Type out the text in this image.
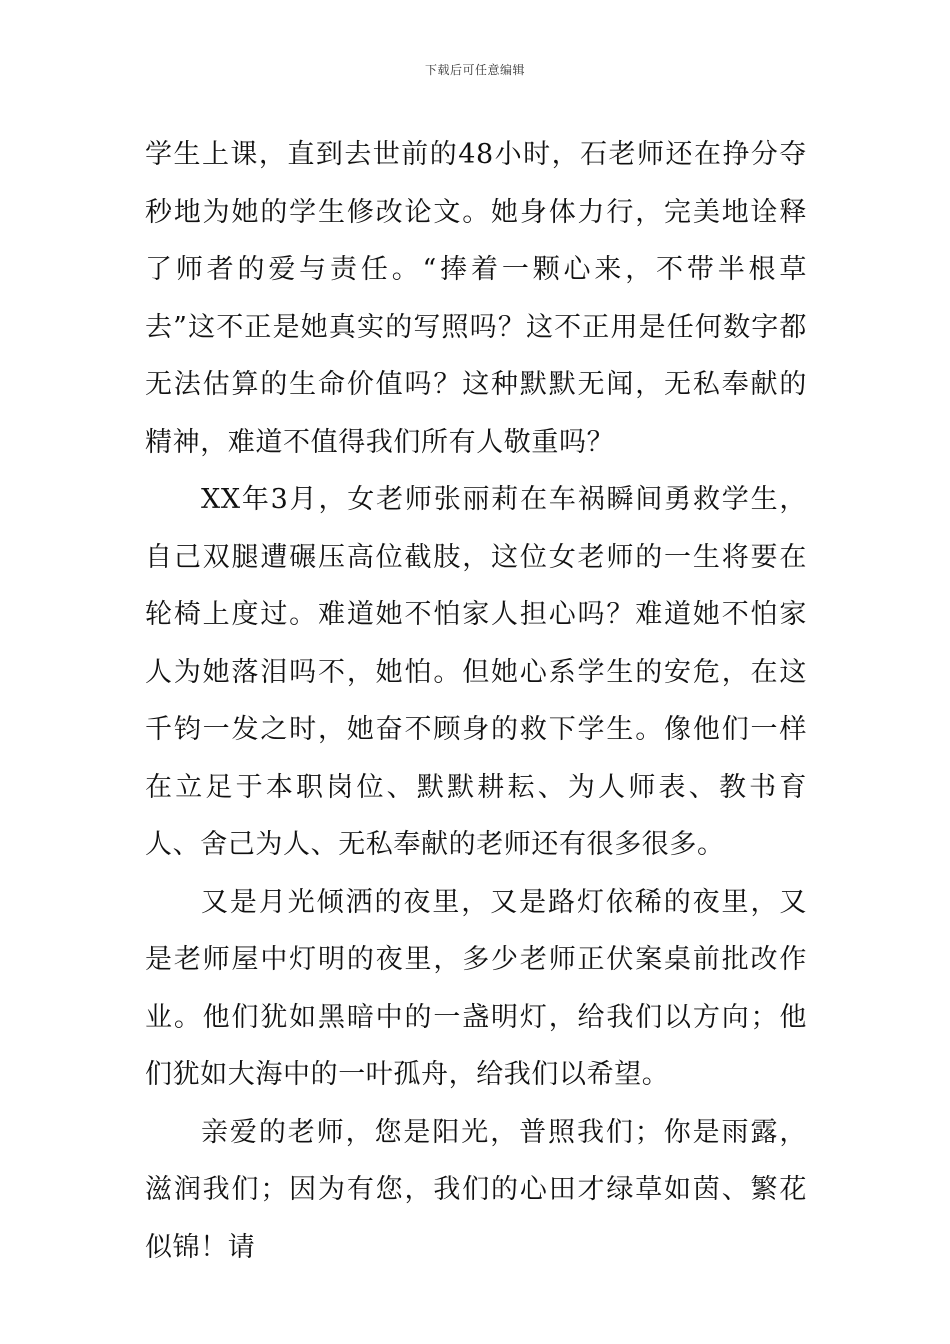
下载后可任意编辑

学生上课，直到去世前的48小时，石老师还在挣分夺秒地为她的学生修改论文。她身体力行，完美地诠释了师者的爱与责任。“捧着一颗心来，不带半根草去”这不正是她真实的写照吗？这不正用是任何数字都无法估算的生命价值吗？这种默默无闻，无私奉献的精神，难道不值得我们所有人敬重吗？

XX年3月，女老师张丽莉在车祸瞬间勇救学生，自己双腿遭碾压高位截肢，这位女老师的一生将要在轮椅上度过。难道她不怕家人担心吗？难道她不怕家人为她落泪吗不，她怕。但她心系学生的安危，在这千钧一发之时，她奋不顾身的救下学生。像他们一样在立足于本职岗位、默默耕耘、为人师表、教书育人、舍己为人、无私奉献的老师还有很多很多。

又是月光倾洒的夜里，又是路灯依稀的夜里，又是老师屋中灯明的夜里，多少老师正伏案桌前批改作业。他们犹如黑暗中的一盏明灯，给我们以方向；他们犹如大海中的一叶孤舟，给我们以希望。

亲爱的老师，您是阳光，普照我们；你是雨露，滋润我们；因为有您，我们的心田才绿草如茵、繁花似锦！请
